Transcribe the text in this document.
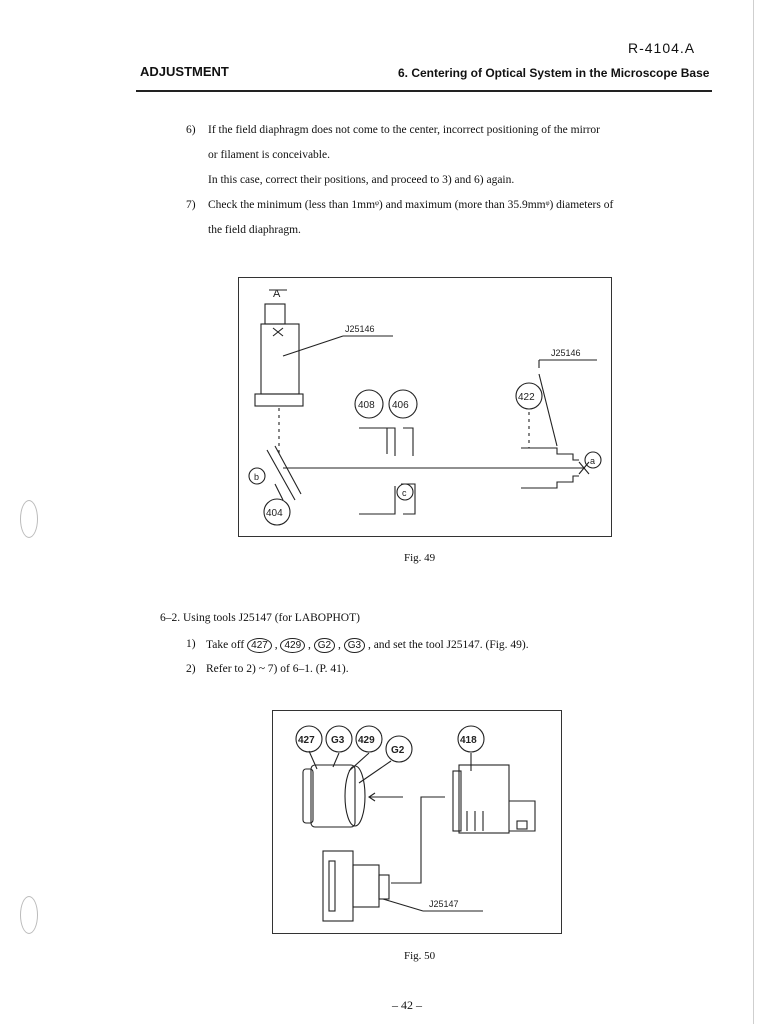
R-4104.A
ADJUSTMENT	6. Centering of Optical System in the Microscope Base
6) If the field diaphragm does not come to the center, incorrect positioning of the mirror
or filament is conceivable.
In this case, correct their positions, and proceed to 3) and 6) again.
7) Check the minimum (less than 1mmᵠ) and maximum (more than 35.9mmᵠ) diameters of
the field diaphragm.
A
J25146
J25146
408 406
422
a
b
c
404
Fig. 49
6–2. Using tools J25147 (for LABOPHOT)
1) Take off 427 , 429 , G2 , G3 , and set the tool J25147. (Fig. 49).
2) Refer to 2) ~ 7) of 6–1. (P. 41).
427 G3 429
G2
418
J25147
Fig. 50
– 42 –
